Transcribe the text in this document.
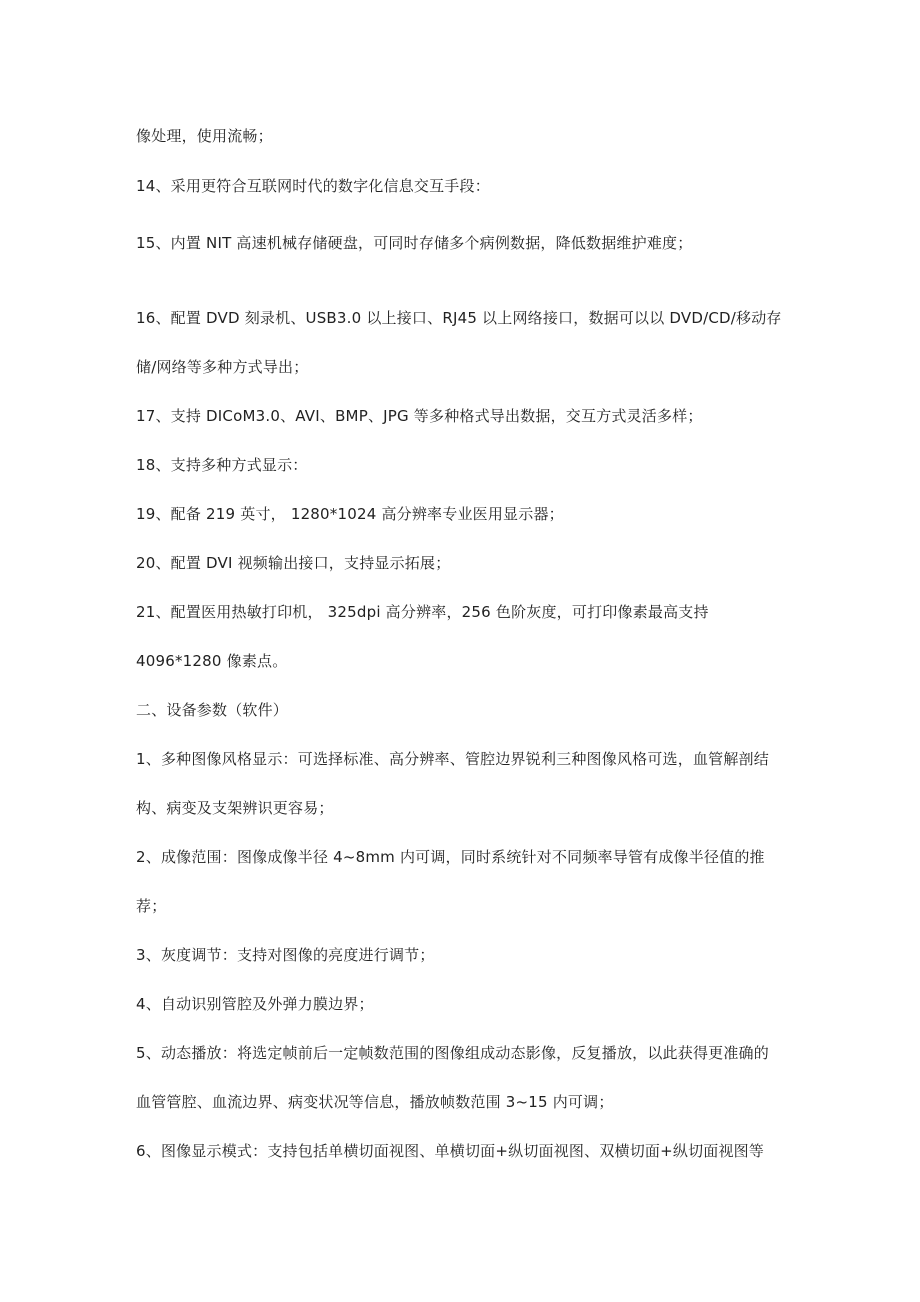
像处理，使用流畅；
14、采用更符合互联网时代的数字化信息交互手段：
15、内置 NIT 高速机械存储硬盘，可同时存储多个病例数据，降低数据维护难度；
16、配置 DVD 刻录机、USB3.0 以上接口、RJ45 以上网络接口，数据可以以 DVD/CD/移动存
储/网络等多种方式导出；
17、支持 DICoM3.0、AVI、BMP、JPG 等多种格式导出数据，交互方式灵活多样；
18、支持多种方式显示：
19、配备 219 英寸， 1280*1024 高分辨率专业医用显示器；
20、配置 DVI 视频输出接口，支持显示拓展；
21、配置医用热敏打印机， 325dpi 高分辨率，256 色阶灰度，可打印像素最高支持
4096*1280 像素点。
二、设备参数（软件）
1、多种图像风格显示：可选择标准、高分辨率、管腔边界锐利三种图像风格可选，血管解剖结
构、病变及支架辨识更容易；
2、成像范围：图像成像半径 4~8mm 内可调，同时系统针对不同频率导管有成像半径值的推
荐；
3、灰度调节：支持对图像的亮度进行调节；
4、自动识别管腔及外弹力膜边界；
5、动态播放：将选定帧前后一定帧数范围的图像组成动态影像，反复播放，以此获得更准确的
血管管腔、血流边界、病变状况等信息，播放帧数范围 3~15 内可调；
6、图像显示模式：支持包括单横切面视图、单横切面+纵切面视图、双横切面+纵切面视图等
